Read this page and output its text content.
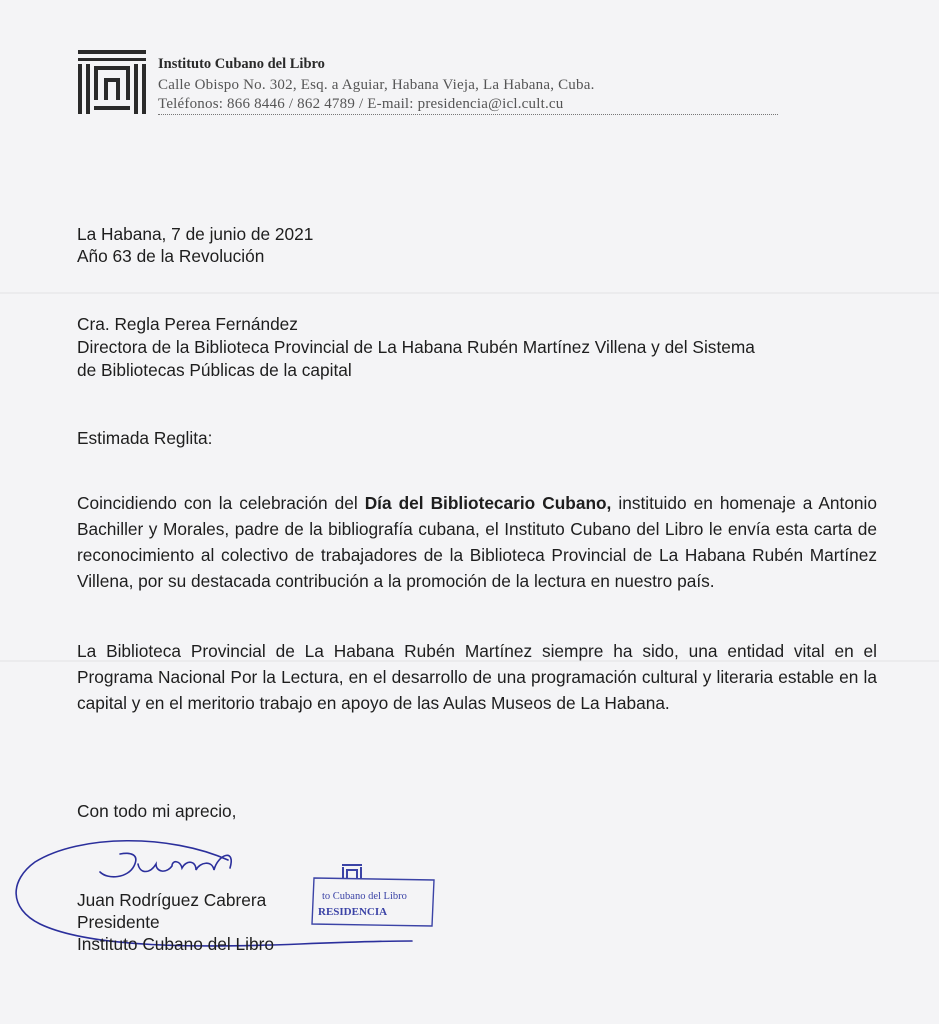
Instituto Cubano del Libro
Calle Obispo No. 302, Esq. a Aguiar, Habana Vieja, La Habana, Cuba.
Teléfonos: 866 8446 / 862 4789 / E-mail: presidencia@icl.cult.cu
La Habana, 7 de junio de 2021
Año 63 de la Revolución
Cra. Regla Perea Fernández
Directora de la Biblioteca Provincial de La Habana Rubén Martínez Villena y del Sistema
de Bibliotecas Públicas de la capital
Estimada Reglita:
Coincidiendo con la celebración del Día del Bibliotecario Cubano, instituido en homenaje a Antonio Bachiller y Morales, padre de la bibliografía cubana, el Instituto Cubano del Libro le envía esta carta de reconocimiento al colectivo de trabajadores de la Biblioteca Provincial de La Habana Rubén Martínez Villena, por su destacada contribución a la promoción de la lectura en nuestro país.
La Biblioteca Provincial de La Habana Rubén Martínez siempre ha sido, una entidad vital en el Programa Nacional Por la Lectura, en el desarrollo de una programación cultural y literaria estable en la capital y en el meritorio trabajo en apoyo de las Aulas Museos de La Habana.
Con todo mi aprecio,
Juan Rodríguez Cabrera
Presidente
Instituto Cubano del Libro
to Cubano del Libro
RESIDENCIA
